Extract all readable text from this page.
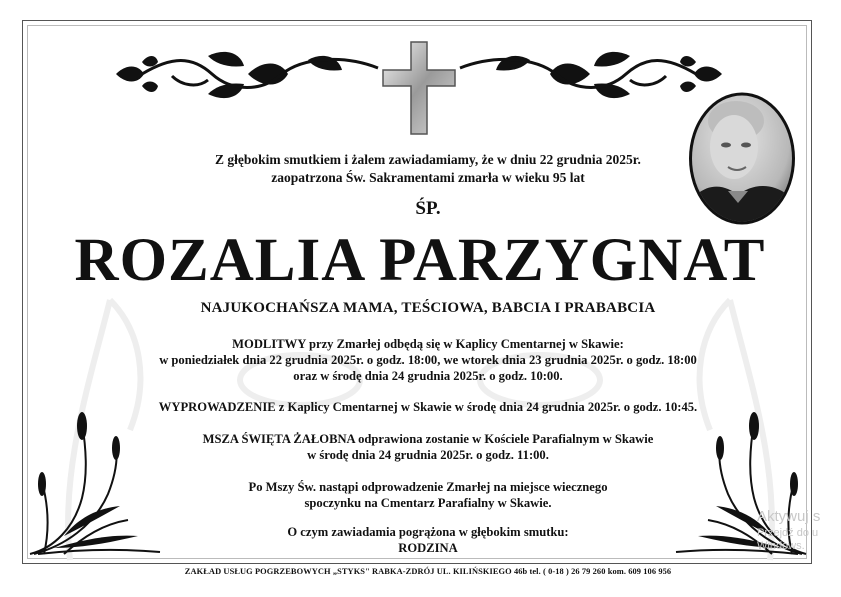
Z głębokim smutkiem i żalem zawiadamiamy, że w dniu 22 grudnia 2025r.

zaopatrzona Św. Sakramentami zmarła w wieku 95 lat

ŚP.

ROZALIA PARZYGNAT

NAJUKOCHAŃSZA MAMA, TEŚCIOWA, BABCIA I PRABABCIA

MODLITWY przy Zmarłej odbędą się w Kaplicy Cmentarnej w Skawie:

w poniedziałek dnia 22 grudnia 2025r. o godz. 18:00, we wtorek dnia 23 grudnia 2025r. o godz. 18:00

oraz w środę dnia 24 grudnia 2025r. o godz. 10:00.

WYPROWADZENIE z Kaplicy Cmentarnej w Skawie w środę dnia 24 grudnia 2025r. o godz. 10:45.

MSZA ŚWIĘTA ŻAŁOBNA odprawiona zostanie w Kościele Parafialnym w Skawie

w środę dnia 24 grudnia 2025r. o godz. 11:00.

Po Mszy Św. nastąpi odprowadzenie Zmarłej na miejsce wiecznego

spoczynku na Cmentarz Parafialny w Skawie.

O czym zawiadamia pogrążona w głębokim smutku:

RODZINA

ZAKŁAD USŁUG POGRZEBOWYCH „STYKS" RABKA-ZDRÓJ UL. KILIŃSKIEGO 46b tel. ( 0-18 ) 26 79 260 kom. 609 106 956

Aktywuj s
Przejdź do u
Windows.
